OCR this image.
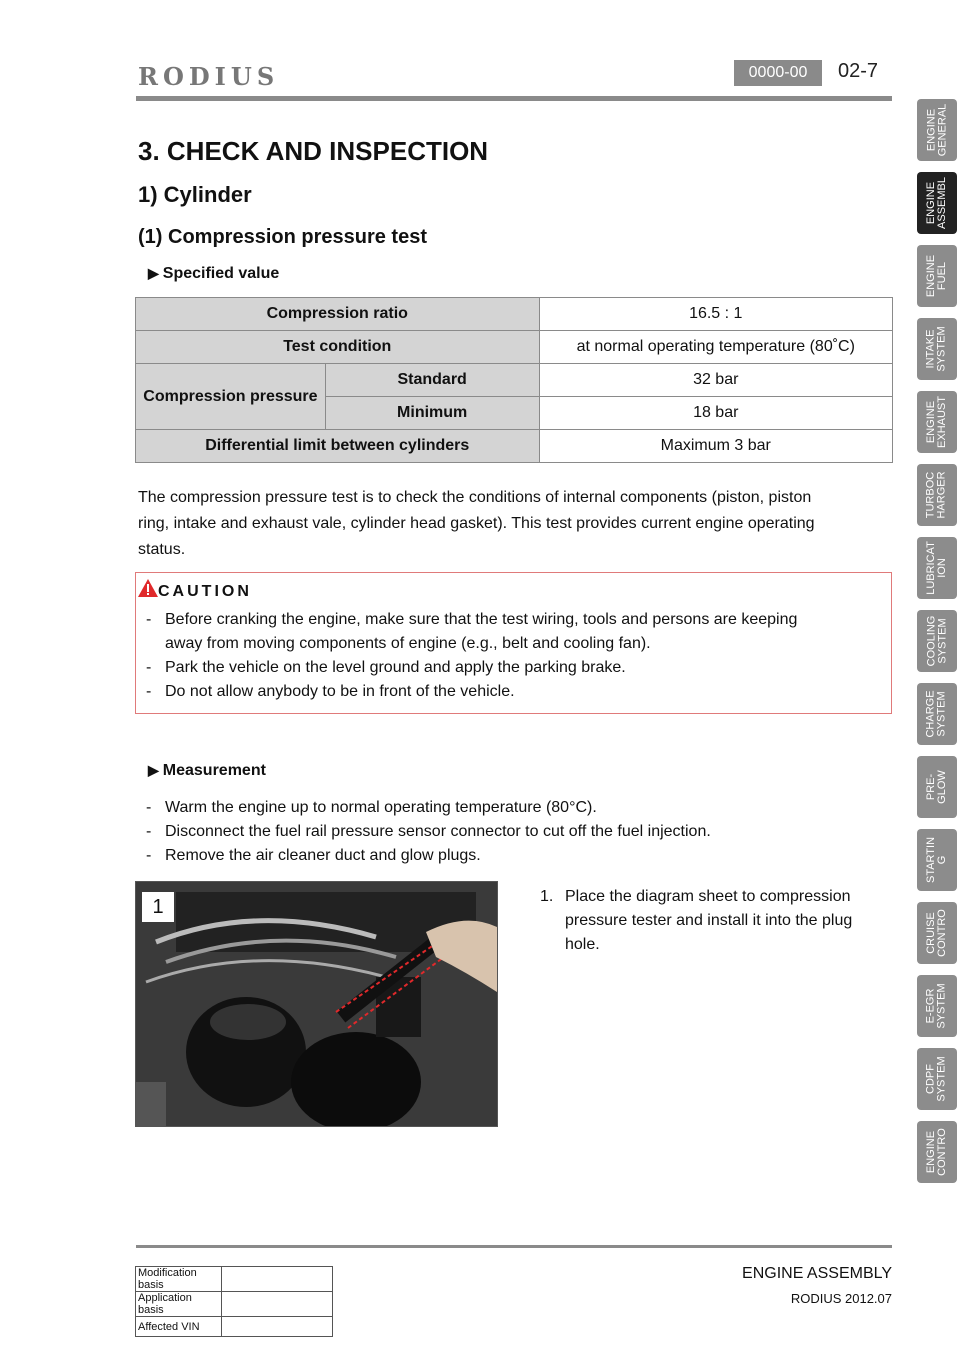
RODIUS	0000-00	02-7
3. CHECK AND INSPECTION
1) Cylinder
(1) Compression pressure test
▶ Specified value
Compression ratio		16.5 : 1
Test condition		at normal operating temperature (80˚C)
Compression pressure	Standard	32 bar
	Minimum	18 bar
Differential limit between cylinders		Maximum 3 bar
The compression pressure test is to check the conditions of internal components (piston, piston ring, intake and exhaust vale, cylinder head gasket). This test provides current engine operating status.
CAUTION
- Before cranking the engine, make sure that the test wiring, tools and persons are keeping away from moving components of engine (e.g., belt and cooling fan).
- Park the vehicle on the level ground and apply the parking brake.
- Do not allow anybody to be in front of the vehicle.
▶ Measurement
- Warm the engine up to normal operating temperature (80°C).
- Disconnect the fuel rail pressure sensor connector to cut off the fuel injection.
- Remove the air cleaner duct and glow plugs.
1	1. Place the diagram sheet to compression pressure tester and install it into the plug hole.
ENGINE
GENERAL
ENGINE
ASSEMBL
ENGINE
FUEL
INTAKE
SYSTEM
ENGINE
EXHAUST
TURBOC
HARGER
LUBRICAT
ION
COOLING
SYSTEM
CHARGE
SYSTEM
PRE-
GLOW
STARTIN
G
CRUISE
CONTRO
E-EGR
SYSTEM
CDPF
SYSTEM
ENGINE
CONTRO
ENGINE ASSEMBLY
RODIUS 2012.07
Modification basis	
Application basis	
Affected VIN	
